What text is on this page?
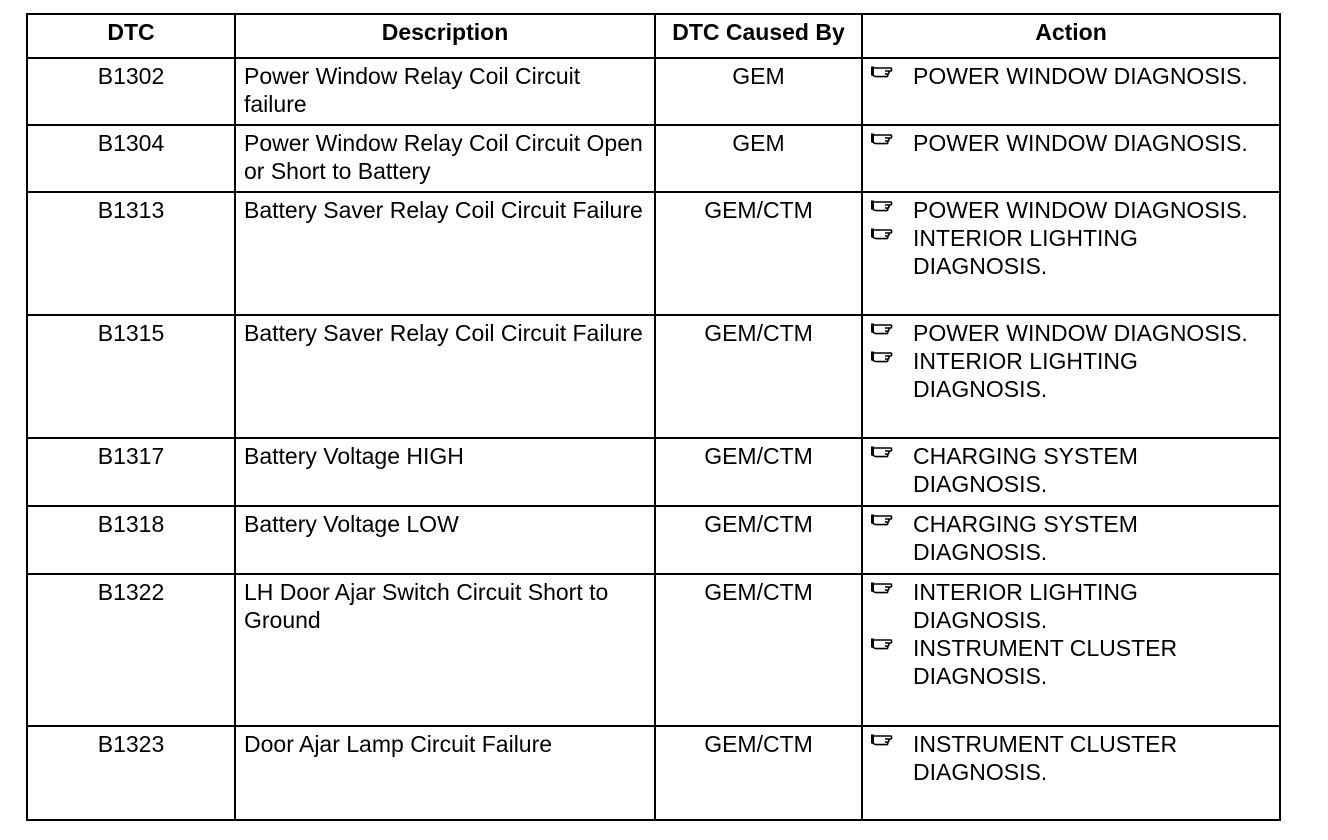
DTC	Description	DTC Caused By	Action
B1302	Power Window Relay Coil Circuit failure	GEM	POWER WINDOW DIAGNOSIS.

B1304	Power Window Relay Coil Circuit Open or Short to Battery	GEM	POWER WINDOW DIAGNOSIS.

B1313	Battery Saver Relay Coil Circuit Failure	GEM/CTM	POWER WINDOW DIAGNOSIS.
INTERIOR LIGHTING DIAGNOSIS.

B1315	Battery Saver Relay Coil Circuit Failure	GEM/CTM	POWER WINDOW DIAGNOSIS.
INTERIOR LIGHTING DIAGNOSIS.

B1317	Battery Voltage HIGH	GEM/CTM	CHARGING SYSTEM DIAGNOSIS.

B1318	Battery Voltage LOW	GEM/CTM	CHARGING SYSTEM DIAGNOSIS.

B1322	LH Door Ajar Switch Circuit Short to Ground	GEM/CTM	INTERIOR LIGHTING DIAGNOSIS.
INSTRUMENT CLUSTER DIAGNOSIS.

B1323	Door Ajar Lamp Circuit Failure	GEM/CTM	INSTRUMENT CLUSTER DIAGNOSIS.
